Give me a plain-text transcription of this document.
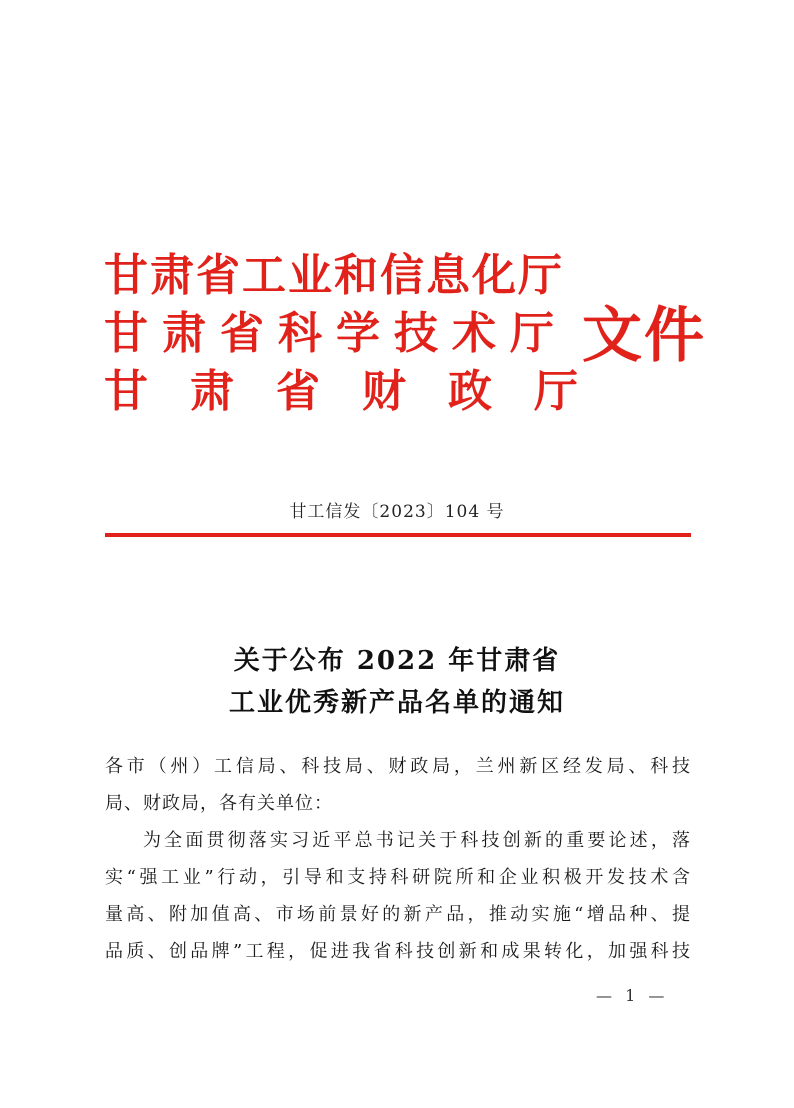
甘肃省工业和信息化厅
甘肃省科学技术厅
甘肃省财政厅
文件
甘工信发〔2023〕104 号
关于公布 2022 年甘肃省
工业优秀新产品名单的通知

各市（州）工信局、科技局、财政局，兰州新区经发局、科技

局、财政局，各有关单位：

为全面贯彻落实习近平总书记关于科技创新的重要论述，落

实“强工业”行动，引导和支持科研院所和企业积极开发技术含

量高、附加值高、市场前景好的新产品，推动实施“增品种、提

品质、创品牌”工程，促进我省科技创新和成果转化，加强科技

— 1 —
